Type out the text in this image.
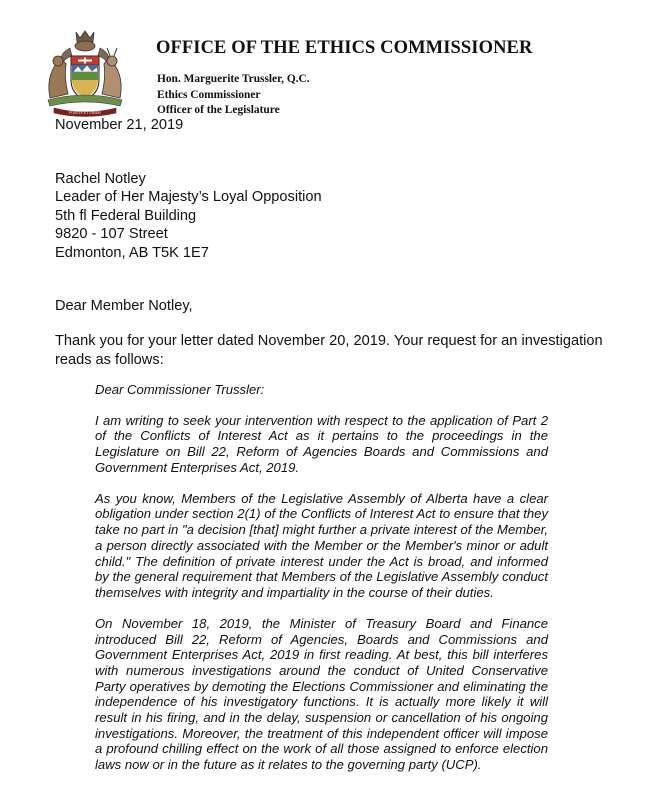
FORTIS ET LIBER
OFFICE OF THE ETHICS COMMISSIONER
Hon. Marguerite Trussler, Q.C.
Ethics Commissioner
Officer of the Legislature
November 21, 2019
Rachel Notley
Leader of Her Majesty’s Loyal Opposition
5th fl Federal Building
9820 - 107 Street
Edmonton, AB T5K 1E7
Dear Member Notley,
Thank you for your letter dated November 20, 2019. Your request for an investigation reads as follows:

Dear Commissioner Trussler:

I am writing to seek your intervention with respect to the application of Part 2 of the Conflicts of Interest Act as it pertains to the proceedings in the Legislature on Bill 22, Reform of Agencies Boards and Commissions and Government Enterprises Act, 2019.

As you know, Members of the Legislative Assembly of Alberta have a clear obligation under section 2(1) of the Conflicts of Interest Act to ensure that they take no part in "a decision [that] might further a private interest of the Member, a person directly associated with the Member or the Member's minor or adult child." The definition of private interest under the Act is broad, and informed by the general requirement that Members of the Legislative Assembly conduct themselves with integrity and impartiality in the course of their duties.

On November 18, 2019, the Minister of Treasury Board and Finance introduced Bill 22, Reform of Agencies, Boards and Commissions and Government Enterprises Act, 2019 in first reading. At best, this bill interferes with numerous investigations around the conduct of United Conservative Party operatives by demoting the Elections Commissioner and eliminating the independence of his investigatory functions. It is actually more likely it will result in his firing, and in the delay, suspension or cancellation of his ongoing investigations. Moreover, the treatment of this independent officer will impose a profound chilling effect on the work of all those assigned to enforce election laws now or in the future as it relates to the governing party (UCP).
